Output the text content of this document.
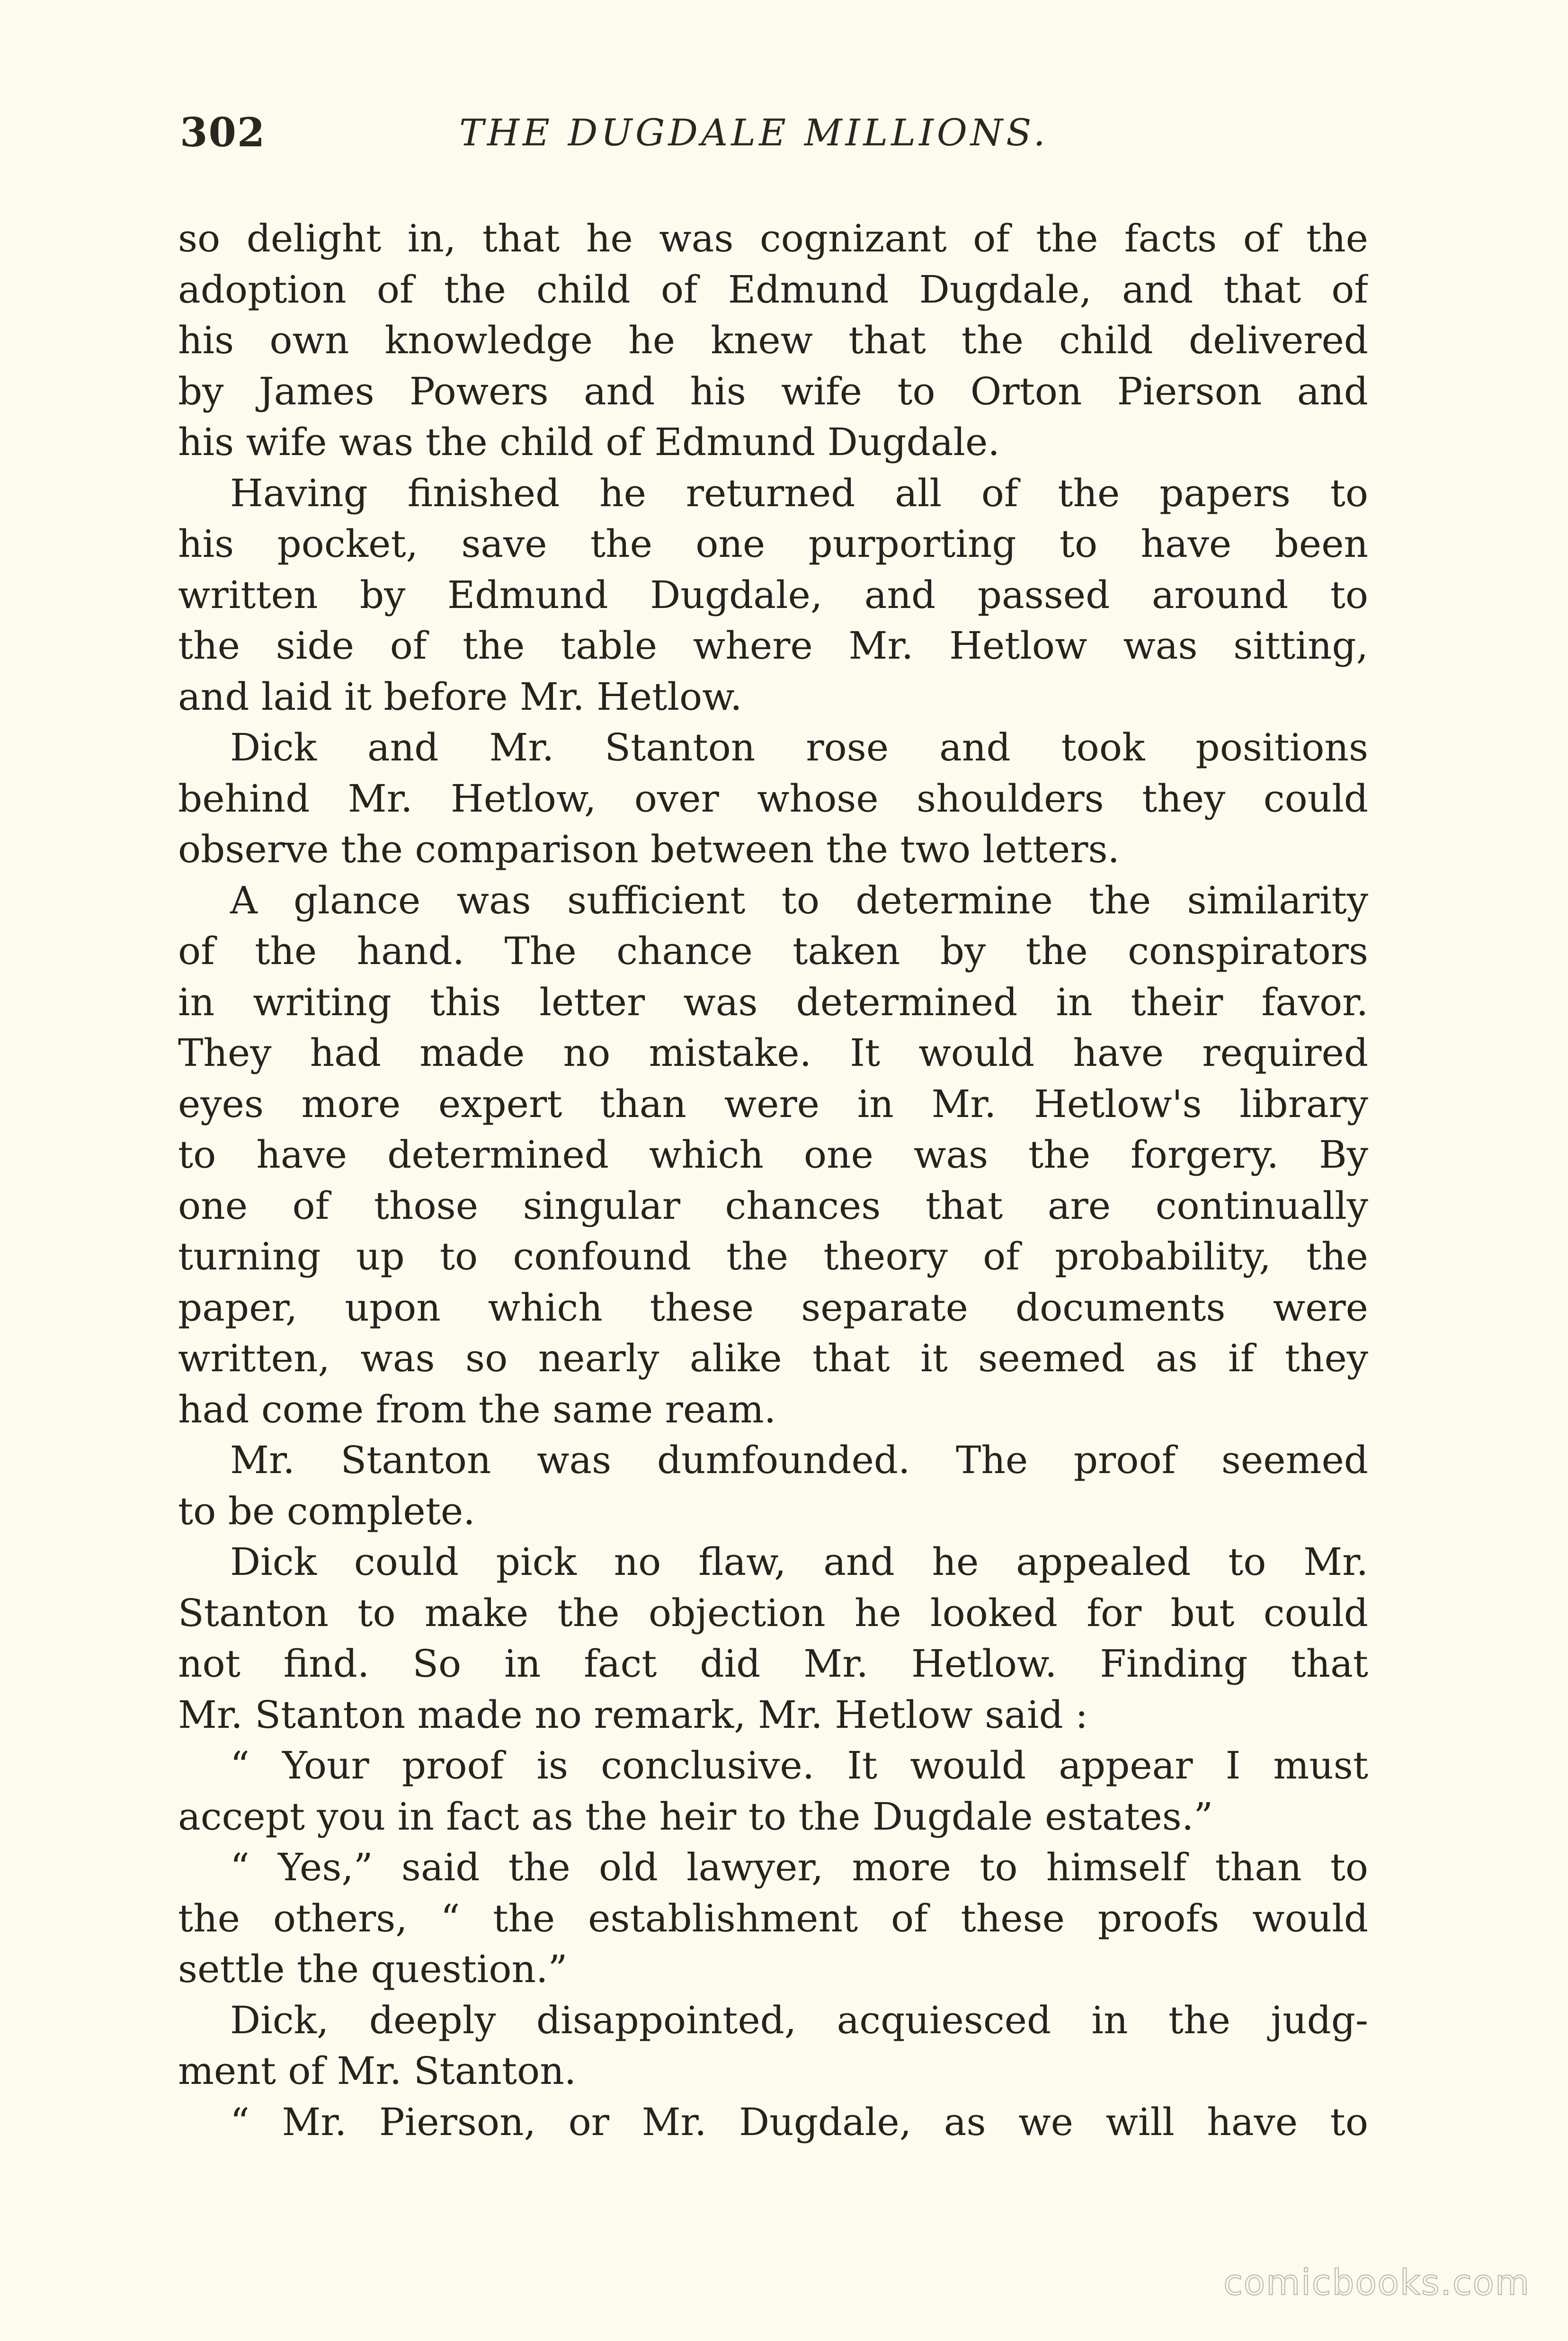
302	THE DUGDALE MILLIONS.
so delight in, that he was cognizant of the facts of the
adoption of the child of Edmund Dugdale, and that of
his own knowledge he knew that the child delivered
by James Powers and his wife to Orton Pierson and
his wife was the child of Edmund Dugdale.
Having finished he returned all of the papers to
his pocket, save the one purporting to have been
written by Edmund Dugdale, and passed around to
the side of the table where Mr. Hetlow was sitting,
and laid it before Mr. Hetlow.
Dick and Mr. Stanton rose and took positions
behind Mr. Hetlow, over whose shoulders they could
observe the comparison between the two letters.
A glance was sufficient to determine the similarity
of the hand. The chance taken by the conspirators
in writing this letter was determined in their favor.
They had made no mistake. It would have required
eyes more expert than were in Mr. Hetlow's library
to have determined which one was the forgery. By
one of those singular chances that are continually
turning up to confound the theory of probability, the
paper, upon which these separate documents were
written, was so nearly alike that it seemed as if they
had come from the same ream.
Mr. Stanton was dumfounded. The proof seemed
to be complete.
Dick could pick no flaw, and he appealed to Mr.
Stanton to make the objection he looked for but could
not find. So in fact did Mr. Hetlow. Finding that
Mr. Stanton made no remark, Mr. Hetlow said :
“ Your proof is conclusive. It would appear I must
accept you in fact as the heir to the Dugdale estates.”
“ Yes,” said the old lawyer, more to himself than to
the others, “ the establishment of these proofs would
settle the question.”
Dick, deeply disappointed, acquiesced in the judg-
ment of Mr. Stanton.
“ Mr. Pierson, or Mr. Dugdale, as we will have to
comicbooks.com
